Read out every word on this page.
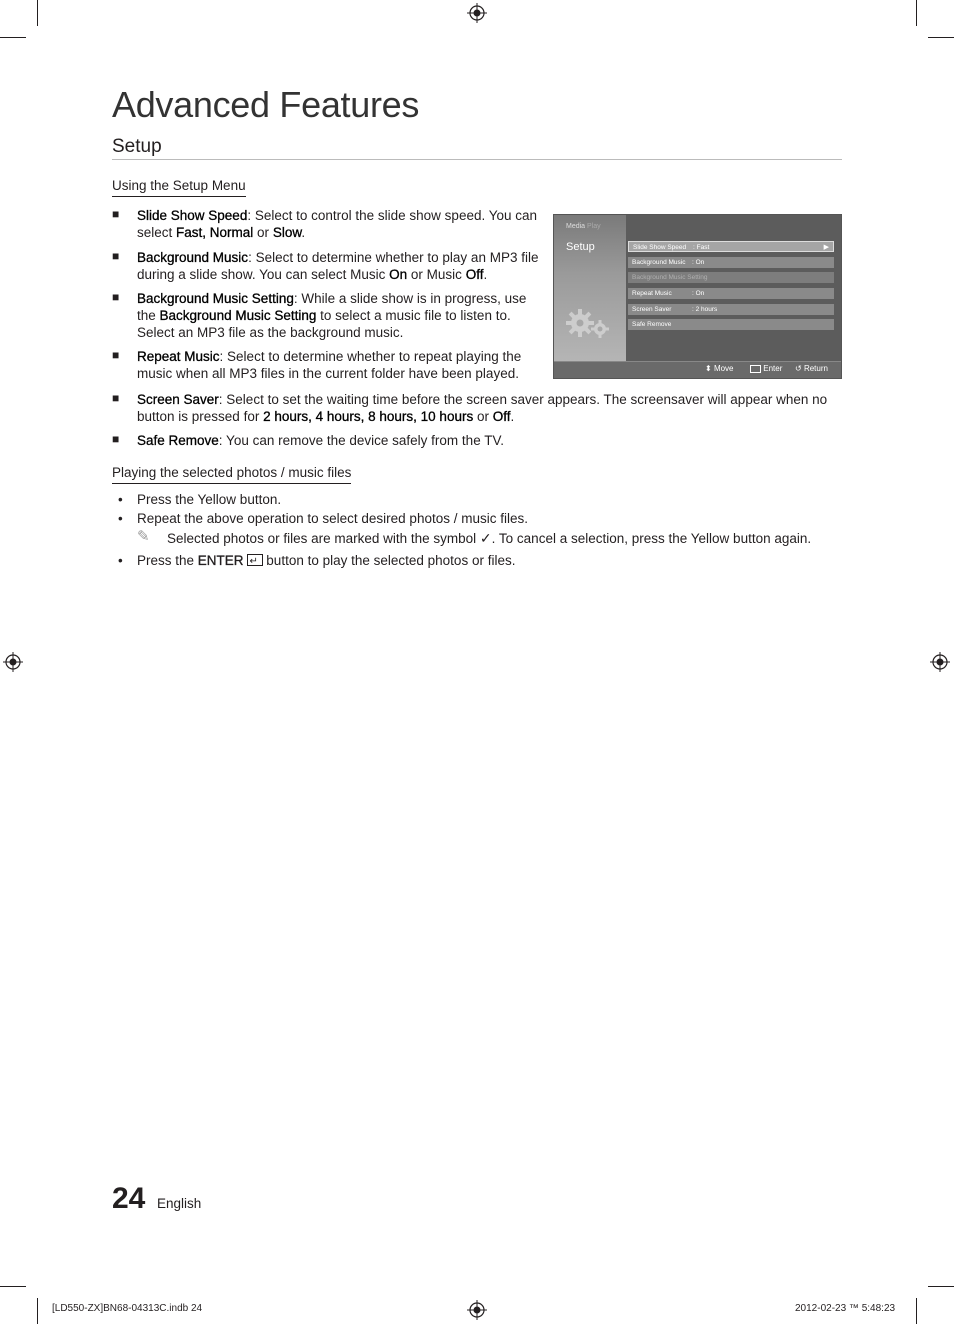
Advanced Features
Setup
Using the Setup Menu
■ Slide Show Speed: Select to control the slide show speed. You can
select Fast, Normal or Slow.
■ Background Music: Select to determine whether to play an MP3 file
during a slide show. You can select Music On or Music Off.
■ Background Music Setting: While a slide show is in progress, use
the Background Music Setting to select a music file to listen to.
Select an MP3 file as the background music.
■ Repeat Music: Select to determine whether to repeat playing the
music when all MP3 files in the current folder have been played.
■ Screen Saver: Select to set the waiting time before the screen saver appears. The screensaver will appear when no
button is pressed for 2 hours, 4 hours, 8 hours, 10 hours or Off.
■ Safe Remove: You can remove the device safely from the TV.
Media Play
Setup	Slide Show Speed : Fast	▶
Background Music : On
Background Music Setting
Repeat Music	: On
Screen Saver	: 2 hours
Safe Remove
⬍ Move	Enter ↺ Return
Playing the selected photos / music files
• Press the Yellow button.
• Repeat the above operation to select desired photos / music files.
✎ Selected photos or files are marked with the symbol ✓. To cancel a selection, press the Yellow button again.
• Press the ENTER ↵ button to play the selected photos or files.
24 English
[LD550-ZX]BN68-04313C.indb 24	2012-02-23 ™ 5:48:23
